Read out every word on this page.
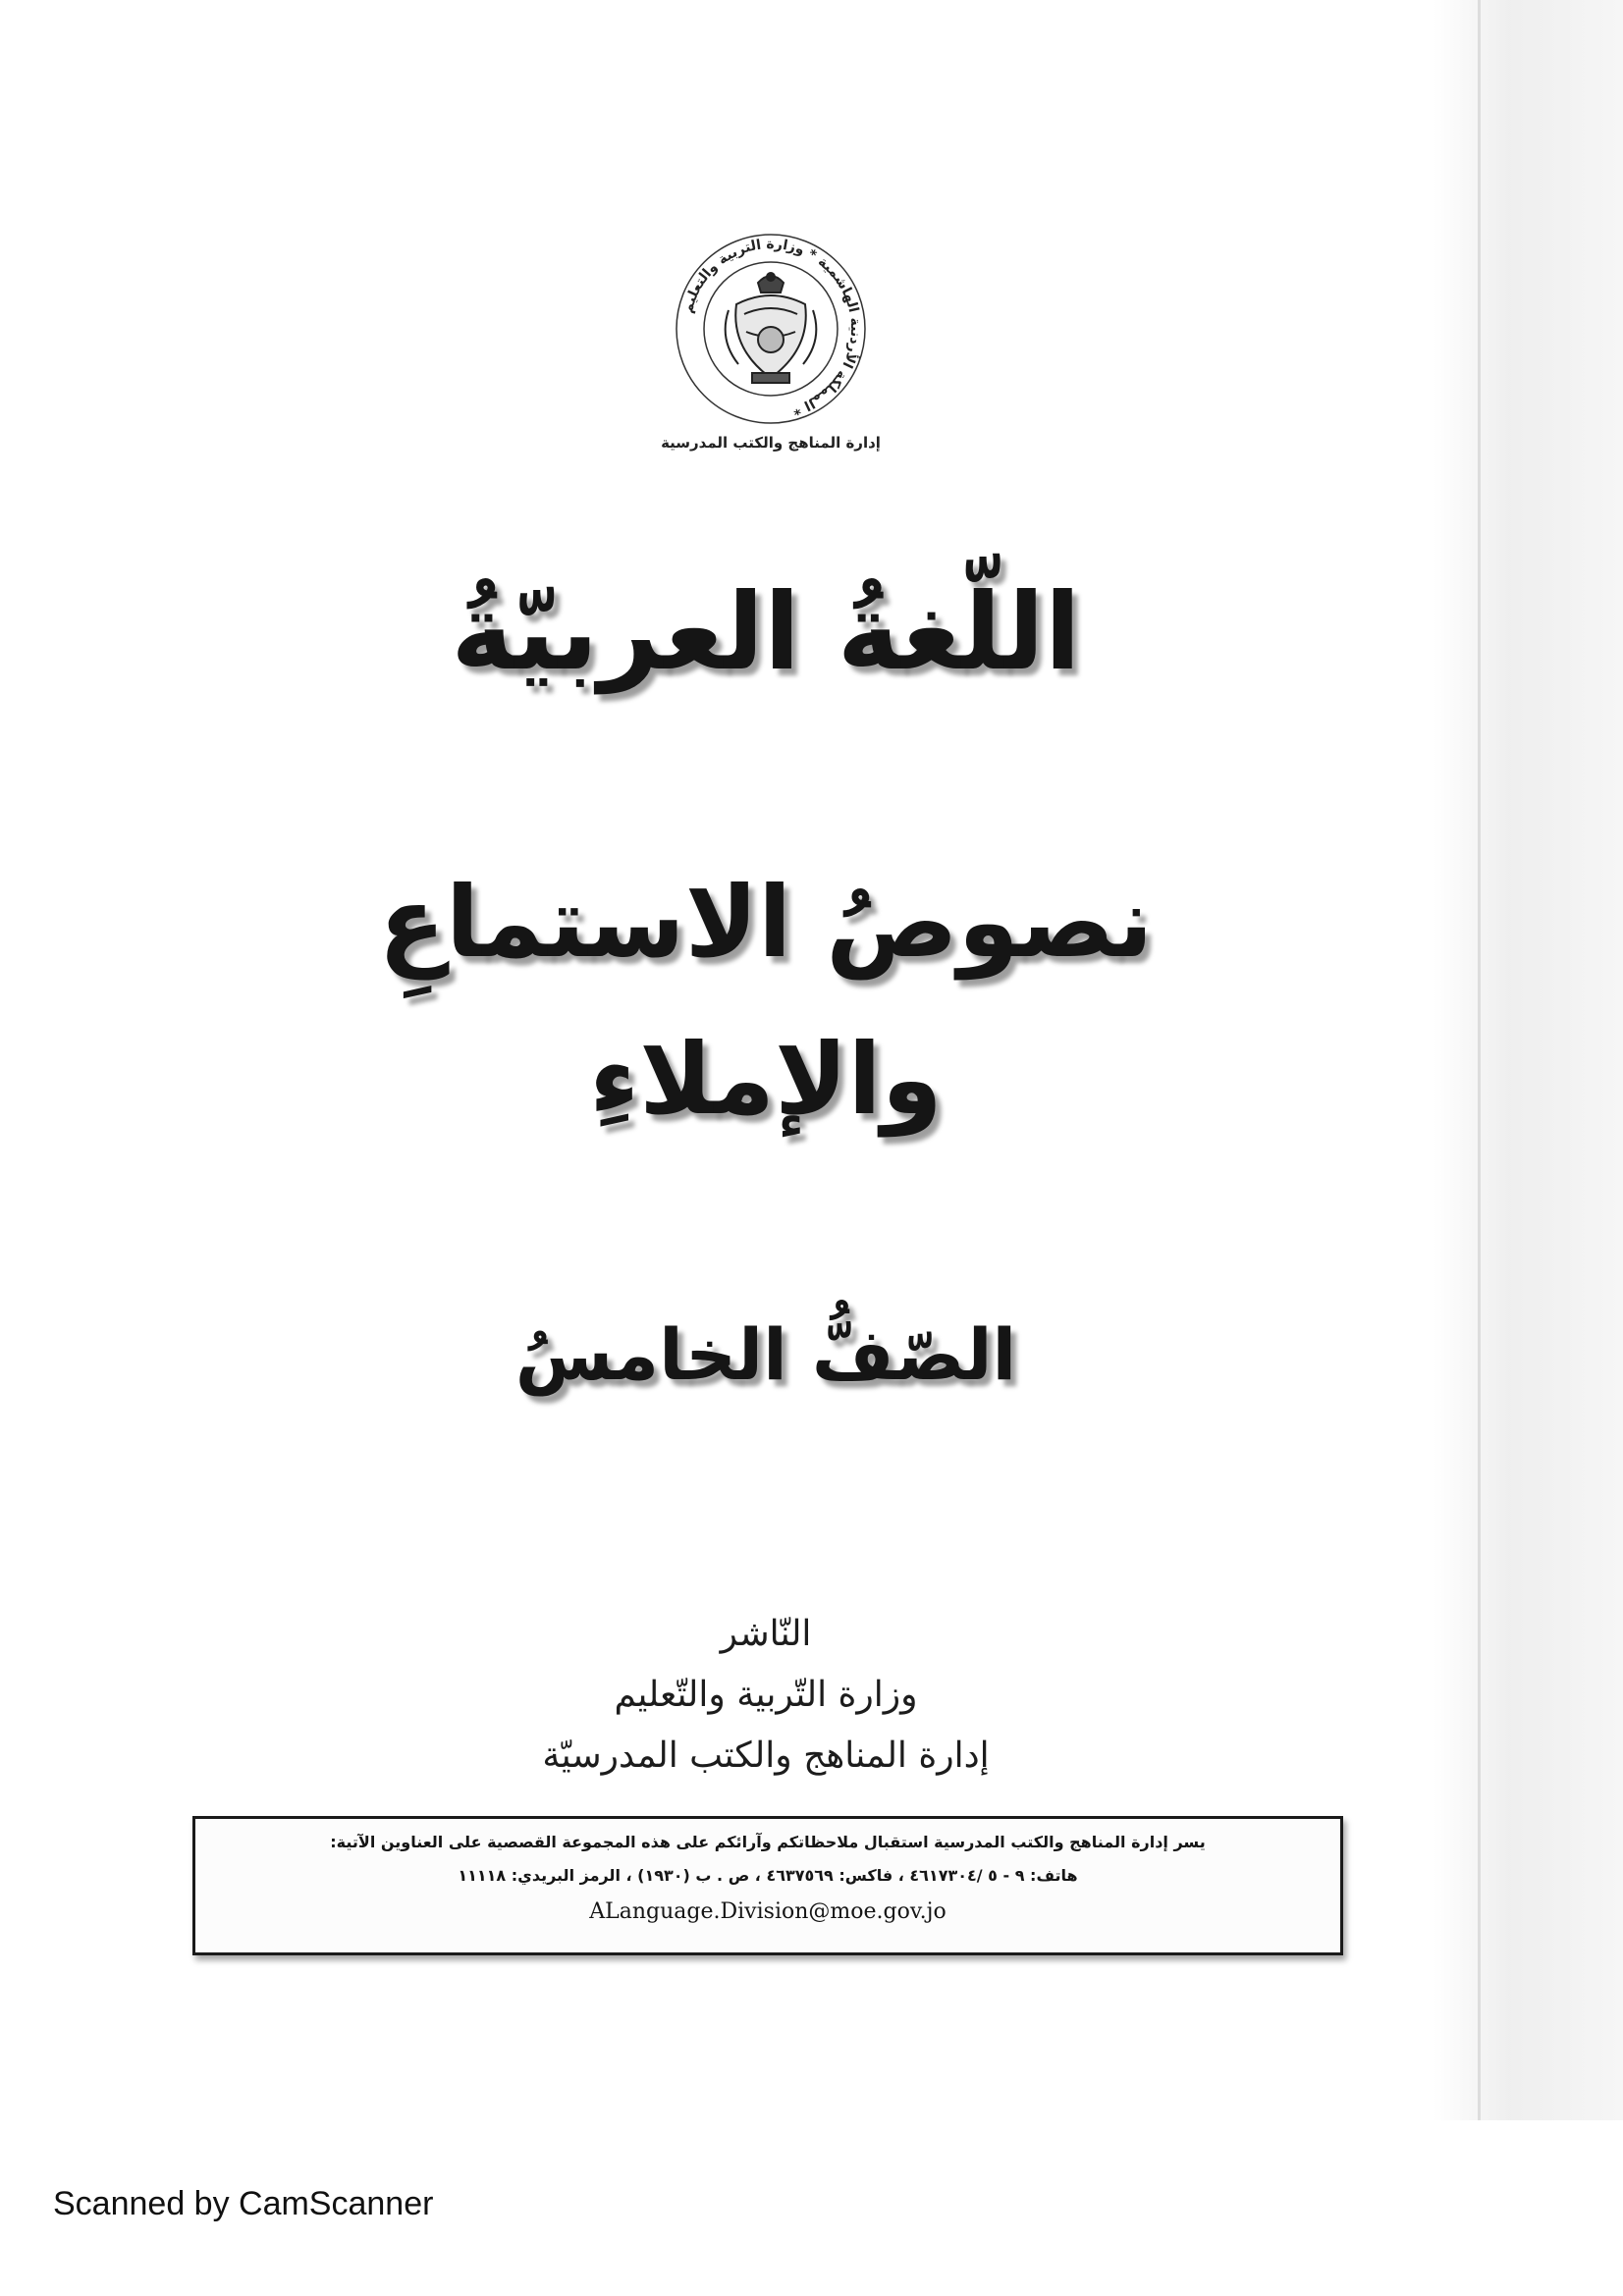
المملكة الأردنية الهاشمية * وزارة التربية والتعليم *
إدارة المناهج والكتب المدرسية
اللّغةُ العربيّةُ
نصوصُ الاستماعِ
والإملاءِ
الصّفُّ الخامسُ
النّاشر
وزارة التّربية والتّعليم
إدارة المناهج والكتب المدرسيّة
يسر إدارة المناهج والكتب المدرسية استقبال ملاحظاتكم وآرائكم على هذه المجموعة القصصية على العناوين الآتية:
هاتف: ٩ - ٥ /٤٦١٧٣٠٤ ، فاكس: ٤٦٣٧٥٦٩ ، ص . ب (١٩٣٠) ، الرمز البريدي: ١١١١٨
ALanguage.Division@moe.gov.jo
Scanned by CamScanner
